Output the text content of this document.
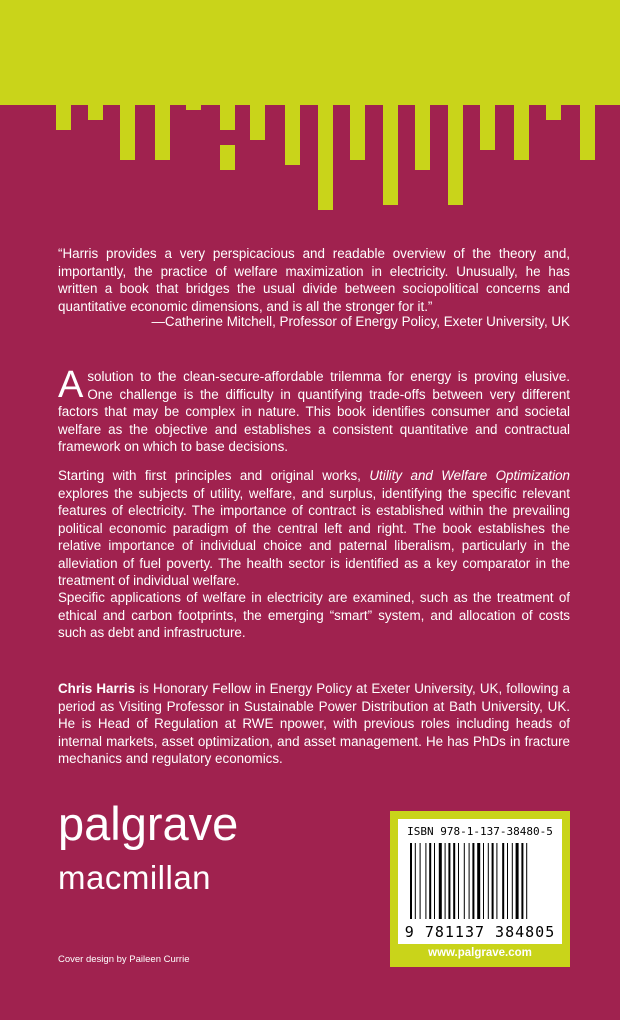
“Harris provides a very perspicacious and readable overview of the theory and, importantly, the practice of welfare maximization in electricity. Unusually, he has written a book that bridges the usual divide between sociopolitical concerns and quantitative economic dimensions, and is all the stronger for it.”
—Catherine Mitchell, Professor of Energy Policy, Exeter University, UK
A solution to the clean-secure-affordable trilemma for energy is proving elusive. One challenge is the difficulty in quantifying trade-offs between very different factors that may be complex in nature. This book identifies consumer and societal welfare as the objective and establishes a consistent quantitative and contractual framework on which to base decisions.
Starting with first principles and original works, Utility and Welfare Optimization explores the subjects of utility, welfare, and surplus, identifying the specific relevant features of electricity. The importance of contract is established within the prevailing political economic paradigm of the central left and right. The book establishes the relative importance of individual choice and paternal liberalism, particularly in the alleviation of fuel poverty. The health sector is identified as a key comparator in the treatment of individual welfare.
Specific applications of welfare in electricity are examined, such as the treatment of ethical and carbon footprints, the emerging “smart” system, and allocation of costs such as debt and infrastructure.
Chris Harris is Honorary Fellow in Energy Policy at Exeter University, UK, following a period as Visiting Professor in Sustainable Power Distribution at Bath University, UK. He is Head of Regulation at RWE npower, with previous roles including heads of internal markets, asset optimization, and asset management. He has PhDs in fracture mechanics and regulatory economics.
palgrave
macmillan
Cover design by Paileen Currie
ISBN 978-1-137-38480-5
9 781137 384805
www.palgrave.com
